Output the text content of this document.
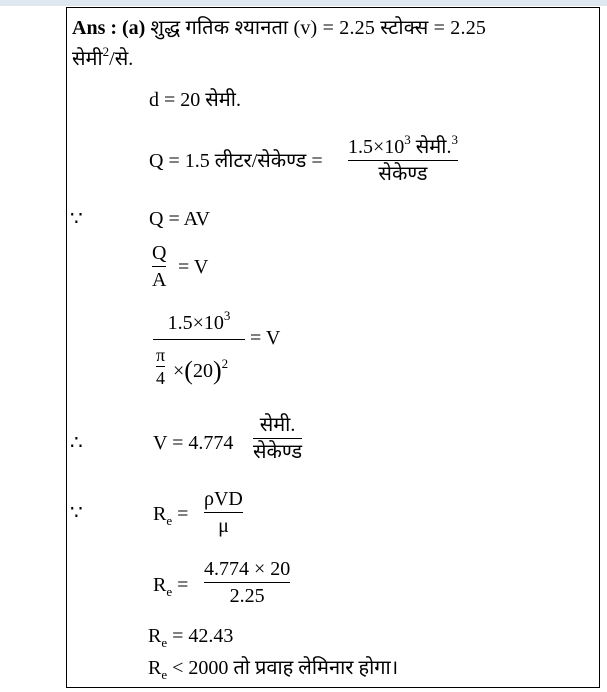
Ans : (a) शुद्ध गतिक श्यानता (v) = 2.25 स्टोक्स = 2.25
सेमी$^2$/से.
d = 20 सेमी.
Q = 1.5 लीटर/सेकेण्ड =
$1.5\times 10^3$ सेमी.$^3$
सेकेण्ड
∵	Q = AV
Q
A
= V
$1.5\times 10^3$
π
$4 \times(20)^2$
= V
∴	V = 4.774
सेमी.
सेकेण्ड
∵	$R_e$ =
ρVD
μ
$R_e$ =
4.774 × 20
2.25
$R_e = 42.43$
$R_e < 2000$ तो प्रवाह लेमिनार होगा।
